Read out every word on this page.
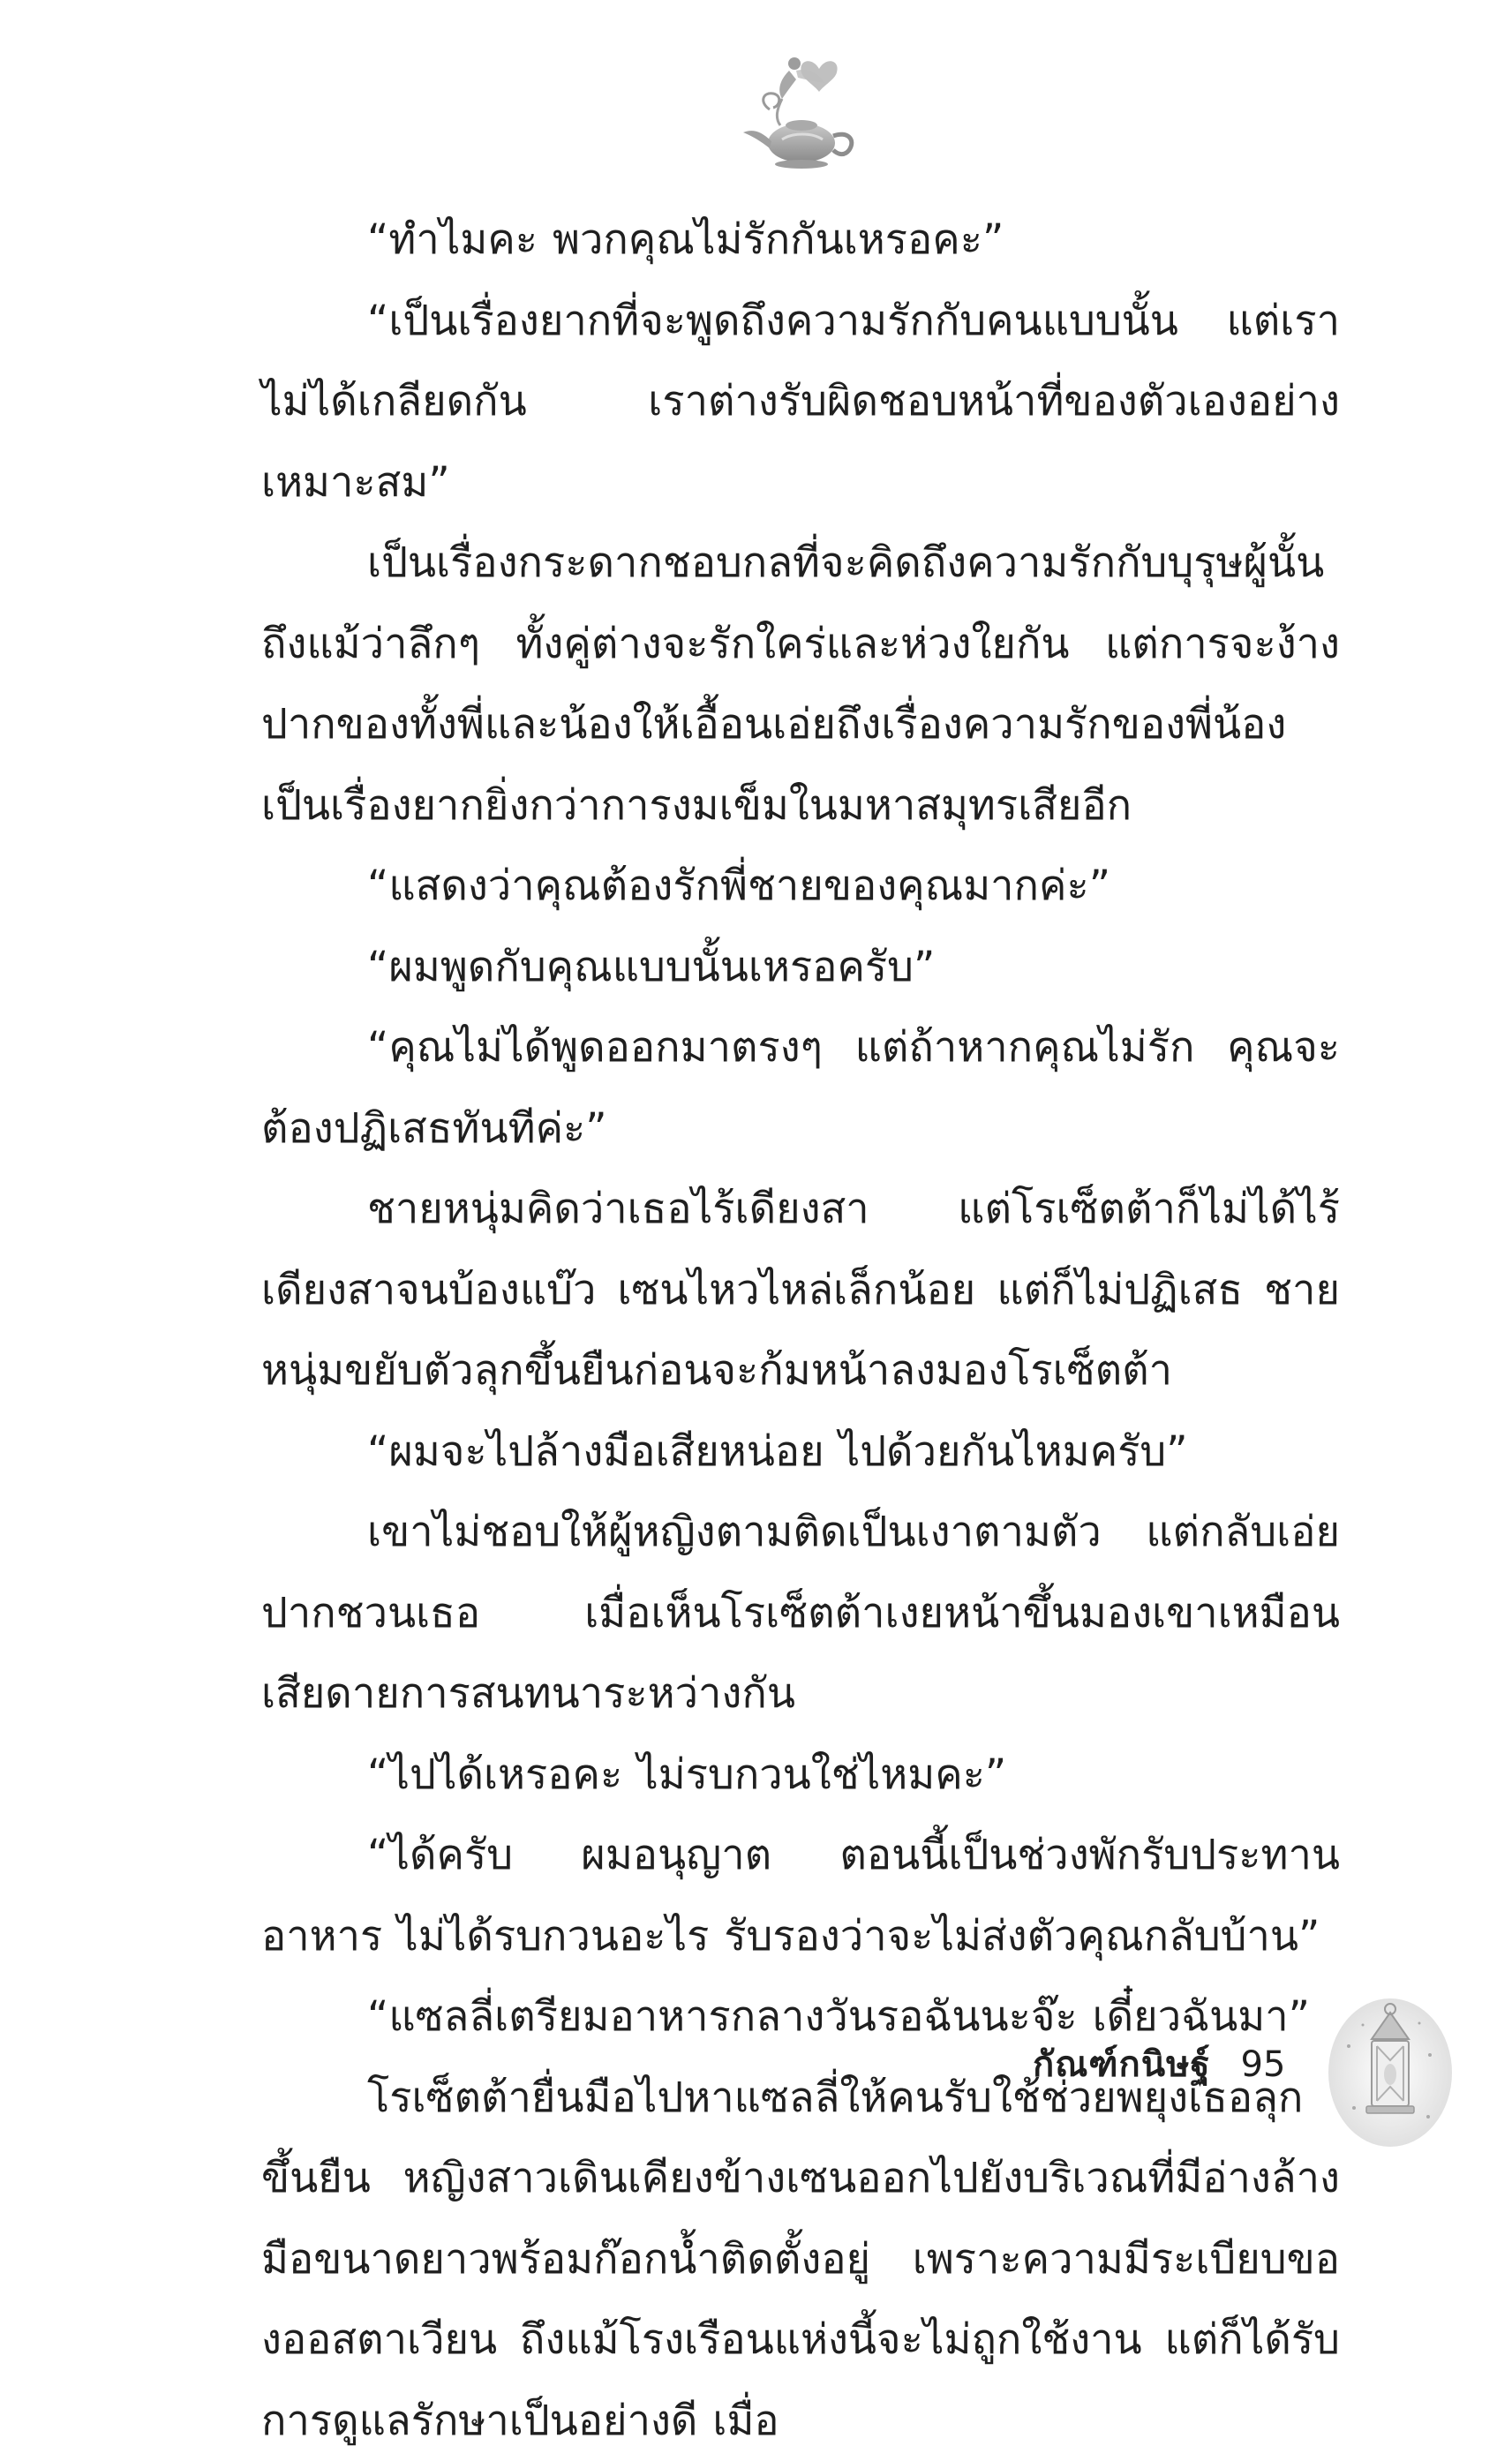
“ทำไมคะ พวกคุณไม่รักกันเหรอคะ”

“เป็นเรื่องยากที่จะพูดถึงความรักกับคนแบบนั้น แต่เราไม่ได้เกลียดกัน เราต่างรับผิดชอบหน้าที่ของตัวเองอย่างเหมาะสม”

เป็นเรื่องกระดากชอบกลที่จะคิดถึงความรักกับบุรุษผู้นั้น ถึงแม้ว่าลึกๆ ทั้งคู่ต่างจะรักใคร่และห่วงใยกัน แต่การจะง้างปากของทั้งพี่และน้องให้เอื้อนเอ่ยถึงเรื่องความรักของพี่น้องเป็นเรื่องยากยิ่งกว่าการงมเข็มในมหาสมุทรเสียอีก

“แสดงว่าคุณต้องรักพี่ชายของคุณมากค่ะ”

“ผมพูดกับคุณแบบนั้นเหรอครับ”

“คุณไม่ได้พูดออกมาตรงๆ แต่ถ้าหากคุณไม่รัก คุณจะต้องปฏิเสธทันทีค่ะ”

ชายหนุ่มคิดว่าเธอไร้เดียงสา แต่โรเซ็ตต้าก็ไม่ได้ไร้เดียงสาจนบ้องแบ๊ว เซนไหวไหล่เล็กน้อย แต่ก็ไม่ปฏิเสธ ชายหนุ่มขยับตัวลุกขึ้นยืนก่อนจะก้มหน้าลงมองโรเซ็ตต้า

“ผมจะไปล้างมือเสียหน่อย ไปด้วยกันไหมครับ”

เขาไม่ชอบให้ผู้หญิงตามติดเป็นเงาตามตัว แต่กลับเอ่ยปากชวนเธอ เมื่อเห็นโรเซ็ตต้าเงยหน้าขึ้นมองเขาเหมือนเสียดายการสนทนาระหว่างกัน

“ไปได้เหรอคะ ไม่รบกวนใช่ไหมคะ”

“ได้ครับ ผมอนุญาต ตอนนี้เป็นช่วงพักรับประทานอาหาร ไม่ได้รบกวนอะไร รับรองว่าจะไม่ส่งตัวคุณกลับบ้าน”

“แซลลี่เตรียมอาหารกลางวันรอฉันนะจ๊ะ เดี๋ยวฉันมา”

โรเซ็ตต้ายื่นมือไปหาแซลลี่ให้คนรับใช้ช่วยพยุงเธอลุกขึ้นยืน หญิงสาวเดินเคียงข้างเซนออกไปยังบริเวณที่มีอ่างล้างมือขนาดยาวพร้อมก๊อกน้ำติดตั้งอยู่ เพราะความมีระเบียบของออสตาเวียน ถึงแม้โรงเรือนแห่งนี้จะไม่ถูกใช้งาน แต่ก็ได้รับการดูแลรักษาเป็นอย่างดี เมื่อ

กัณฑ์กนิษฐ์ 95
